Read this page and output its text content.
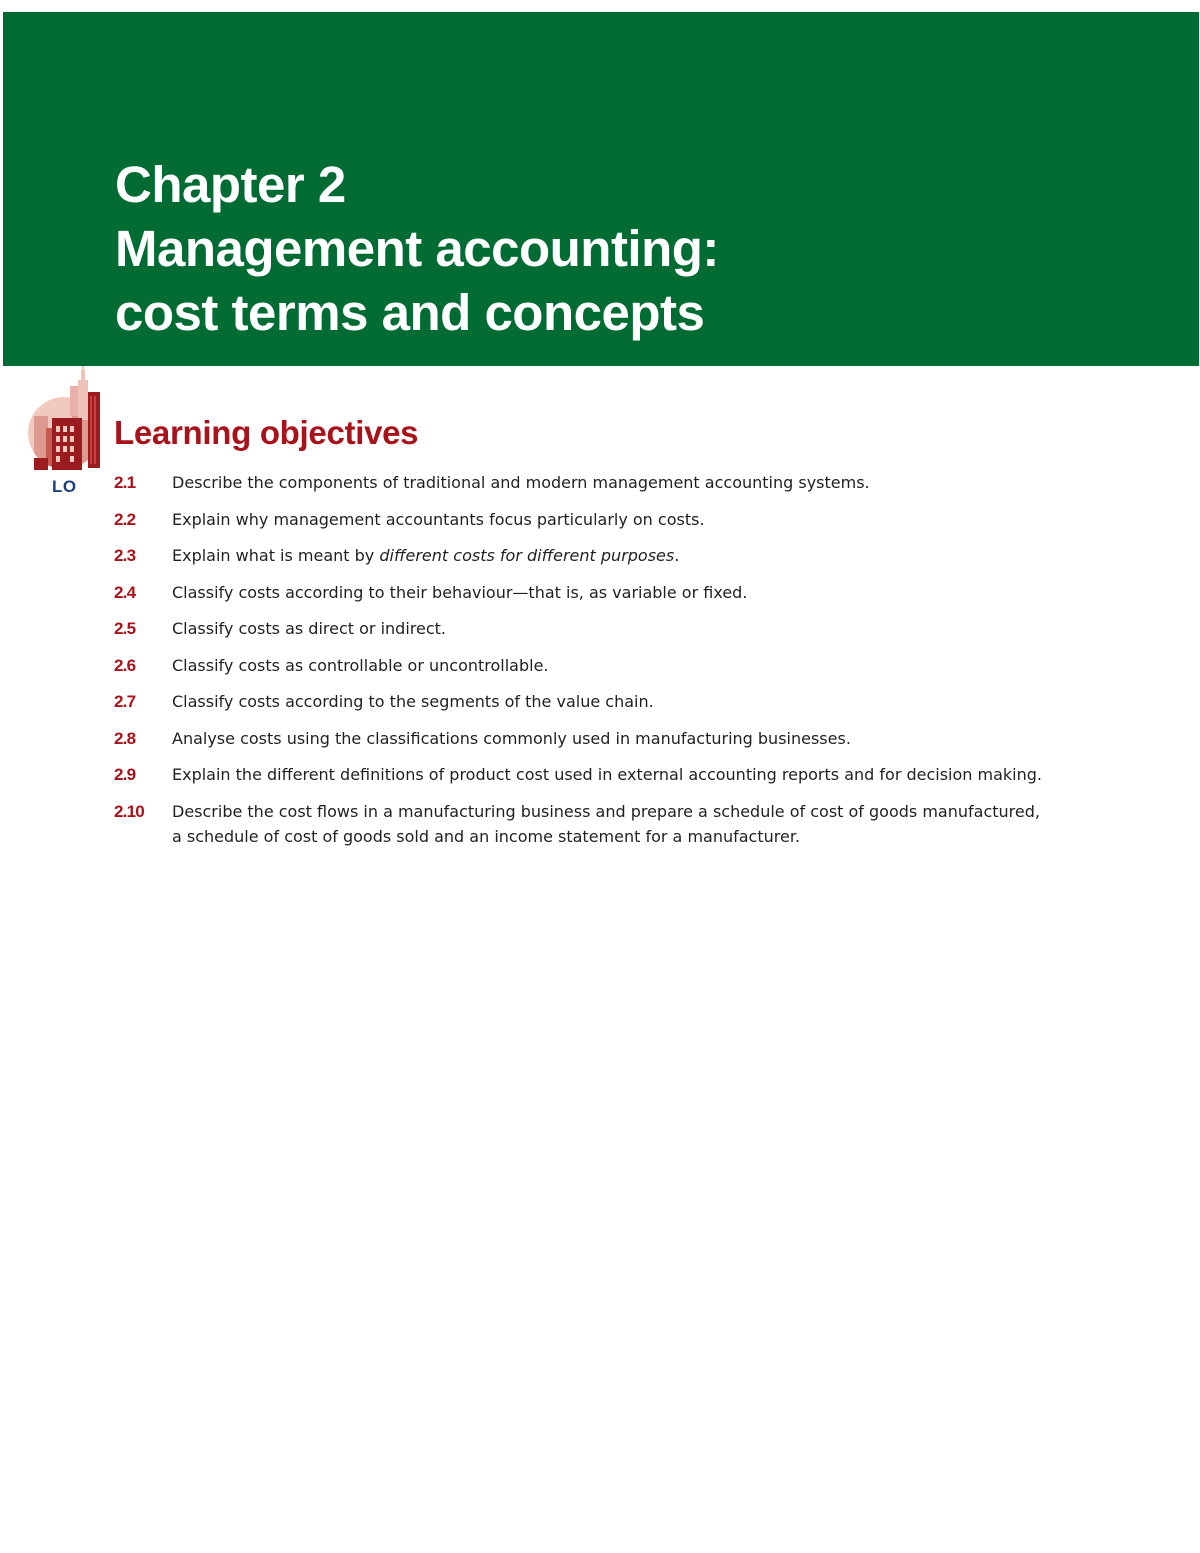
Chapter 2
Management accounting:
cost terms and concepts
LO
Learning objectives
2.1	Describe the components of traditional and modern management accounting systems.
2.2	Explain why management accountants focus particularly on costs.
2.3	Explain what is meant by different costs for different purposes.
2.4	Classify costs according to their behaviour—that is, as variable or fixed.
2.5	Classify costs as direct or indirect.
2.6	Classify costs as controllable or uncontrollable.
2.7	Classify costs according to the segments of the value chain.
2.8	Analyse costs using the classifications commonly used in manufacturing businesses.
2.9	Explain the different definitions of product cost used in external accounting reports and for decision making.
2.10	Describe the cost flows in a manufacturing business and prepare a schedule of cost of goods manufactured, a schedule of cost of goods sold and an income statement for a manufacturer.
